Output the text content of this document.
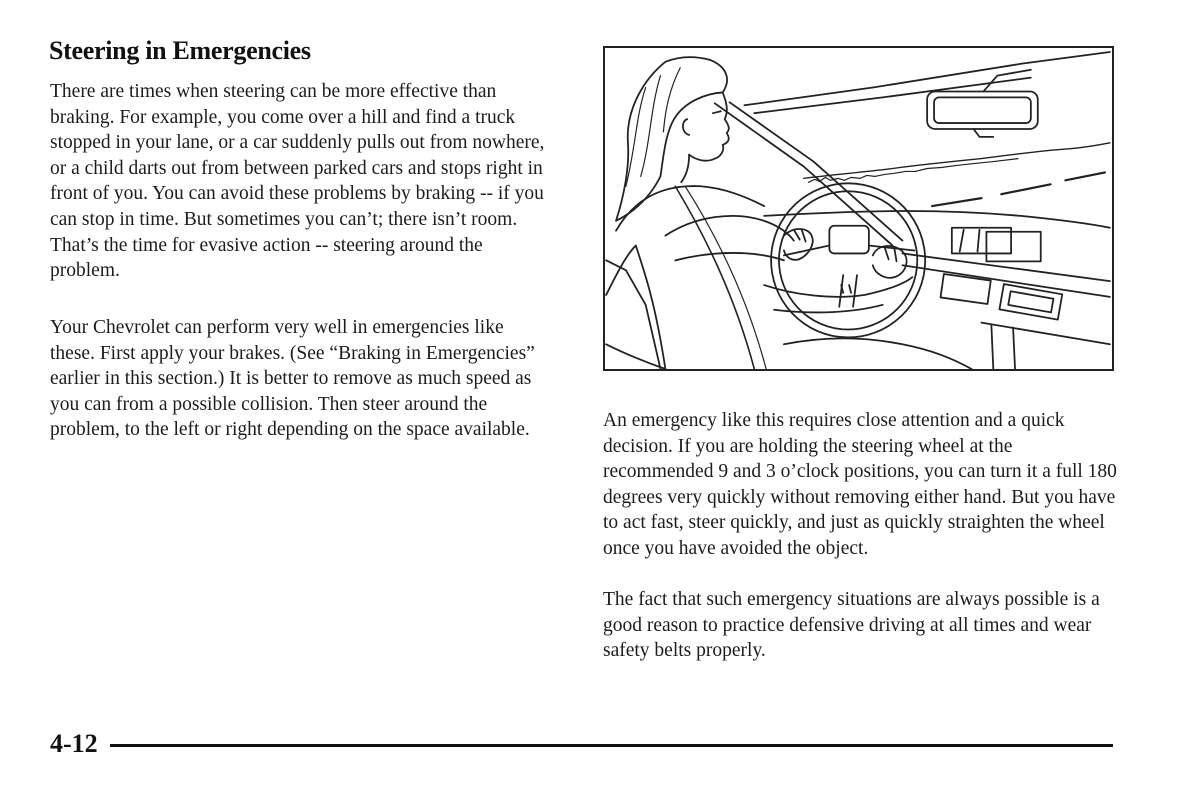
Steering in Emergencies

There are times when steering can be more effective than braking. For example, you come over a hill and find a truck stopped in your lane, or a car suddenly pulls out from nowhere, or a child darts out from between parked cars and stops right in front of you. You can avoid these problems by braking -- if you can stop in time. But sometimes you can’t; there isn’t room. That’s the time for evasive action -- steering around the problem.

Your Chevrolet can perform very well in emergencies like these. First apply your brakes. (See “Braking in Emergencies” earlier in this section.) It is better to remove as much speed as you can from a possible collision. Then steer around the problem, to the left or right depending on the space available.	An emergency like this requires close attention and a quick decision. If you are holding the steering wheel at the recommended 9 and 3 o’clock positions, you can turn it a full 180 degrees very quickly without removing either hand. But you have to act fast, steer quickly, and just as quickly straighten the wheel once you have avoided the object.

The fact that such emergency situations are always possible is a good reason to practice defensive driving at all times and wear safety belts properly.

4-12
